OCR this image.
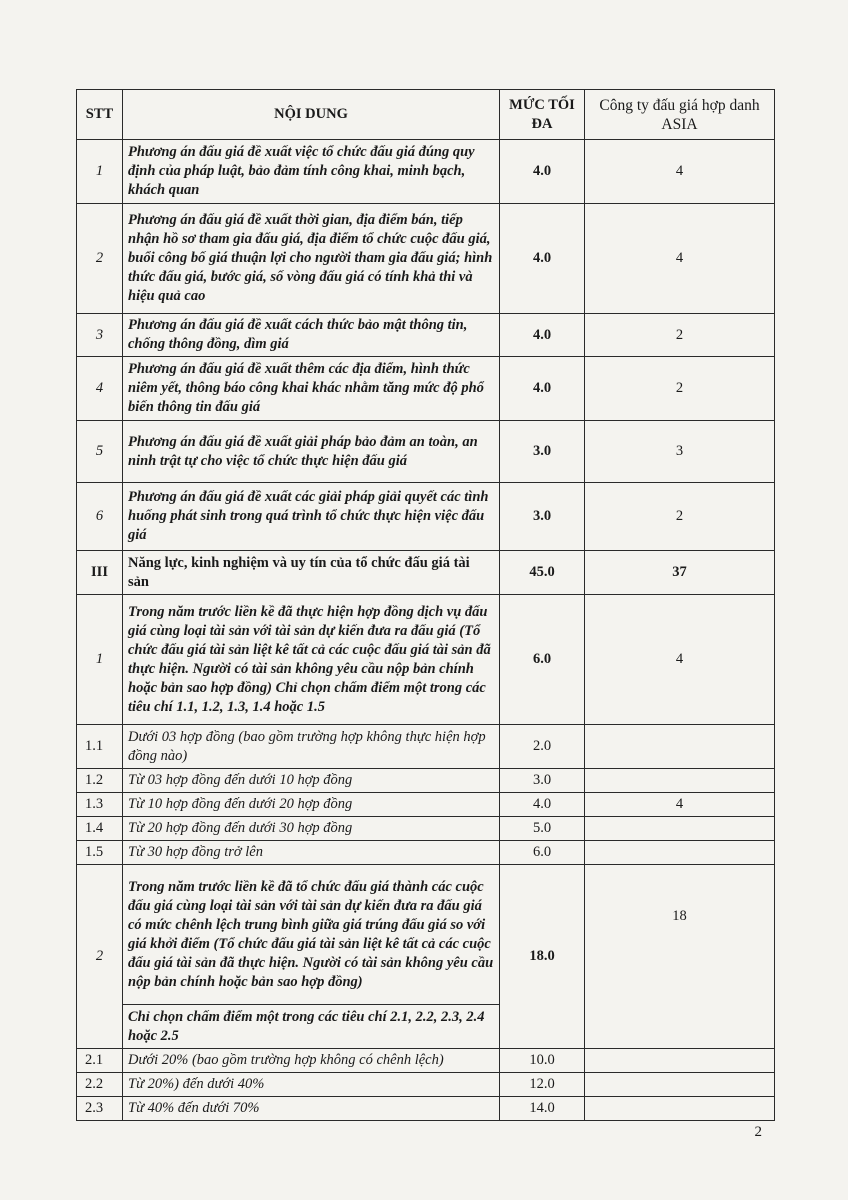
STT	NỘI DUNG	MỨC TỐI ĐA	Công ty đấu giá hợp danh ASIA
1	Phương án đấu giá đề xuất việc tổ chức đấu giá đúng quy định của pháp luật, bảo đảm tính công khai, minh bạch, khách quan	4.0	4
2	Phương án đấu giá đề xuất thời gian, địa điểm bán, tiếp nhận hồ sơ tham gia đấu giá, địa điểm tổ chức cuộc đấu giá, buổi công bố giá thuận lợi cho người tham gia đấu giá; hình thức đấu giá, bước giá, số vòng đấu giá có tính khả thi và hiệu quả cao	4.0	4
3	Phương án đấu giá đề xuất cách thức bảo mật thông tin, chống thông đồng, dìm giá	4.0	2
4	Phương án đấu giá đề xuất thêm các địa điểm, hình thức niêm yết, thông báo công khai khác nhằm tăng mức độ phổ biến thông tin đấu giá	4.0	2
5	Phương án đấu giá đề xuất giải pháp bảo đảm an toàn, an ninh trật tự cho việc tổ chức thực hiện đấu giá	3.0	3
6	Phương án đấu giá đề xuất các giải pháp giải quyết các tình huống phát sinh trong quá trình tổ chức thực hiện việc đấu giá	3.0	2
III	Năng lực, kinh nghiệm và uy tín của tổ chức đấu giá tài sản	45.0	37
1	Trong năm trước liền kề đã thực hiện hợp đồng dịch vụ đấu giá cùng loại tài sản với tài sản dự kiến đưa ra đấu giá (Tổ chức đấu giá tài sản liệt kê tất cả các cuộc đấu giá tài sản đã thực hiện. Người có tài sản không yêu cầu nộp bản chính hoặc bản sao hợp đồng) Chỉ chọn chấm điểm một trong các tiêu chí 1.1, 1.2, 1.3, 1.4 hoặc 1.5	6.0	4
1.1	Dưới 03 hợp đồng (bao gồm trường hợp không thực hiện hợp đồng nào)	2.0	
1.2	Từ 03 hợp đồng đến dưới 10 hợp đồng	3.0	
1.3	Từ 10 hợp đồng đến dưới 20 hợp đồng	4.0	4
1.4	Từ 20 hợp đồng đến dưới 30 hợp đồng	5.0	
1.5	Từ 30 hợp đồng trở lên	6.0	
2	Trong năm trước liền kề đã tổ chức đấu giá thành các cuộc đấu giá cùng loại tài sản với tài sản dự kiến đưa ra đấu giá có mức chênh lệch trung bình giữa giá trúng đấu giá so với giá khởi điểm (Tổ chức đấu giá tài sản liệt kê tất cả các cuộc đấu giá tài sản đã thực hiện. Người có tài sản không yêu cầu nộp bản chính hoặc bản sao hợp đồng)	18.0	18
	Chỉ chọn chấm điểm một trong các tiêu chí 2.1, 2.2, 2.3, 2.4 hoặc 2.5		
2.1	Dưới 20% (bao gồm trường hợp không có chênh lệch)	10.0	
2.2	Từ 20%) đến dưới 40%	12.0	
2.3	Từ 40% đến dưới 70%	14.0	
2
